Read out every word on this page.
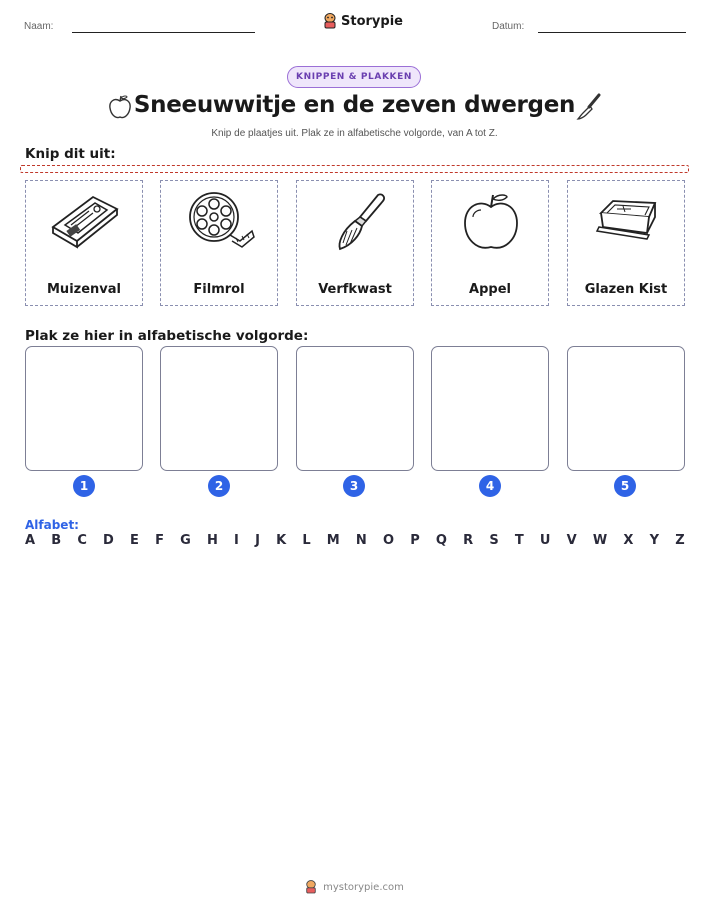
Naam:	Storypie	Datum:
KNIPPEN & PLAKKEN
Sneeuwwitje en de zeven dwergen
Knip de plaatjes uit. Plak ze in alfabetische volgorde, van A tot Z.
Knip dit uit:
Muizenval	Filmrol	Verfkwast	Appel	Glazen Kist
Plak ze hier in alfabetische volgorde:
1	2	3	4	5
Alfabet:
A B C D E F G H I J K L M N O P Q R S T U V W X Y Z
mystorypie.com
